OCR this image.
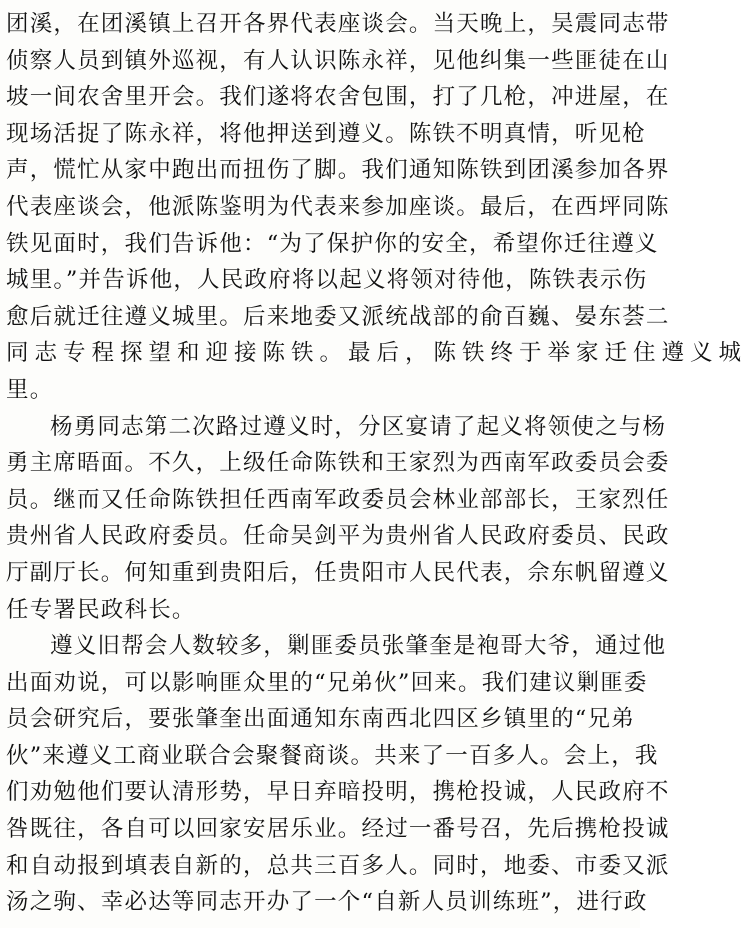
团溪，在团溪镇上召开各界代表座谈会。当天晚上，吴震同志带
侦察人员到镇外巡视，有人认识陈永祥，见他纠集一些匪徒在山
坡一间农舍里开会。我们遂将农舍包围，打了几枪，冲进屋，在
现场活捉了陈永祥，将他押送到遵义。陈铁不明真情，听见枪
声，慌忙从家中跑出而扭伤了脚。我们通知陈铁到团溪参加各界
代表座谈会，他派陈鉴明为代表来参加座谈。最后，在西坪同陈
铁见面时，我们告诉他：“为了保护你的安全，希望你迁往遵义
城里。”并告诉他，人民政府将以起义将领对待他，陈铁表示伤
愈后就迁往遵义城里。后来地委又派统战部的俞百巍、晏东荟二
同志专程探望和迎接陈铁。最后，陈铁终于举家迁住遵义城
里。
杨勇同志第二次路过遵义时，分区宴请了起义将领使之与杨
勇主席晤面。不久，上级任命陈铁和王家烈为西南军政委员会委
员。继而又任命陈铁担任西南军政委员会林业部部长，王家烈任
贵州省人民政府委员。任命吴剑平为贵州省人民政府委员、民政
厅副厅长。何知重到贵阳后，任贵阳市人民代表，佘东帆留遵义
任专署民政科长。
遵义旧帮会人数较多，剿匪委员张肇奎是袍哥大爷，通过他
出面劝说，可以影响匪众里的“兄弟伙”回来。我们建议剿匪委
员会研究后，要张肇奎出面通知东南西北四区乡镇里的“兄弟
伙”来遵义工商业联合会聚餐商谈。共来了一百多人。会上，我
们劝勉他们要认清形势，早日弃暗投明，携枪投诚，人民政府不
咎既往，各自可以回家安居乐业。经过一番号召，先后携枪投诚
和自动报到填表自新的，总共三百多人。同时，地委、市委又派
汤之驹、幸必达等同志开办了一个“自新人员训练班”，进行政
